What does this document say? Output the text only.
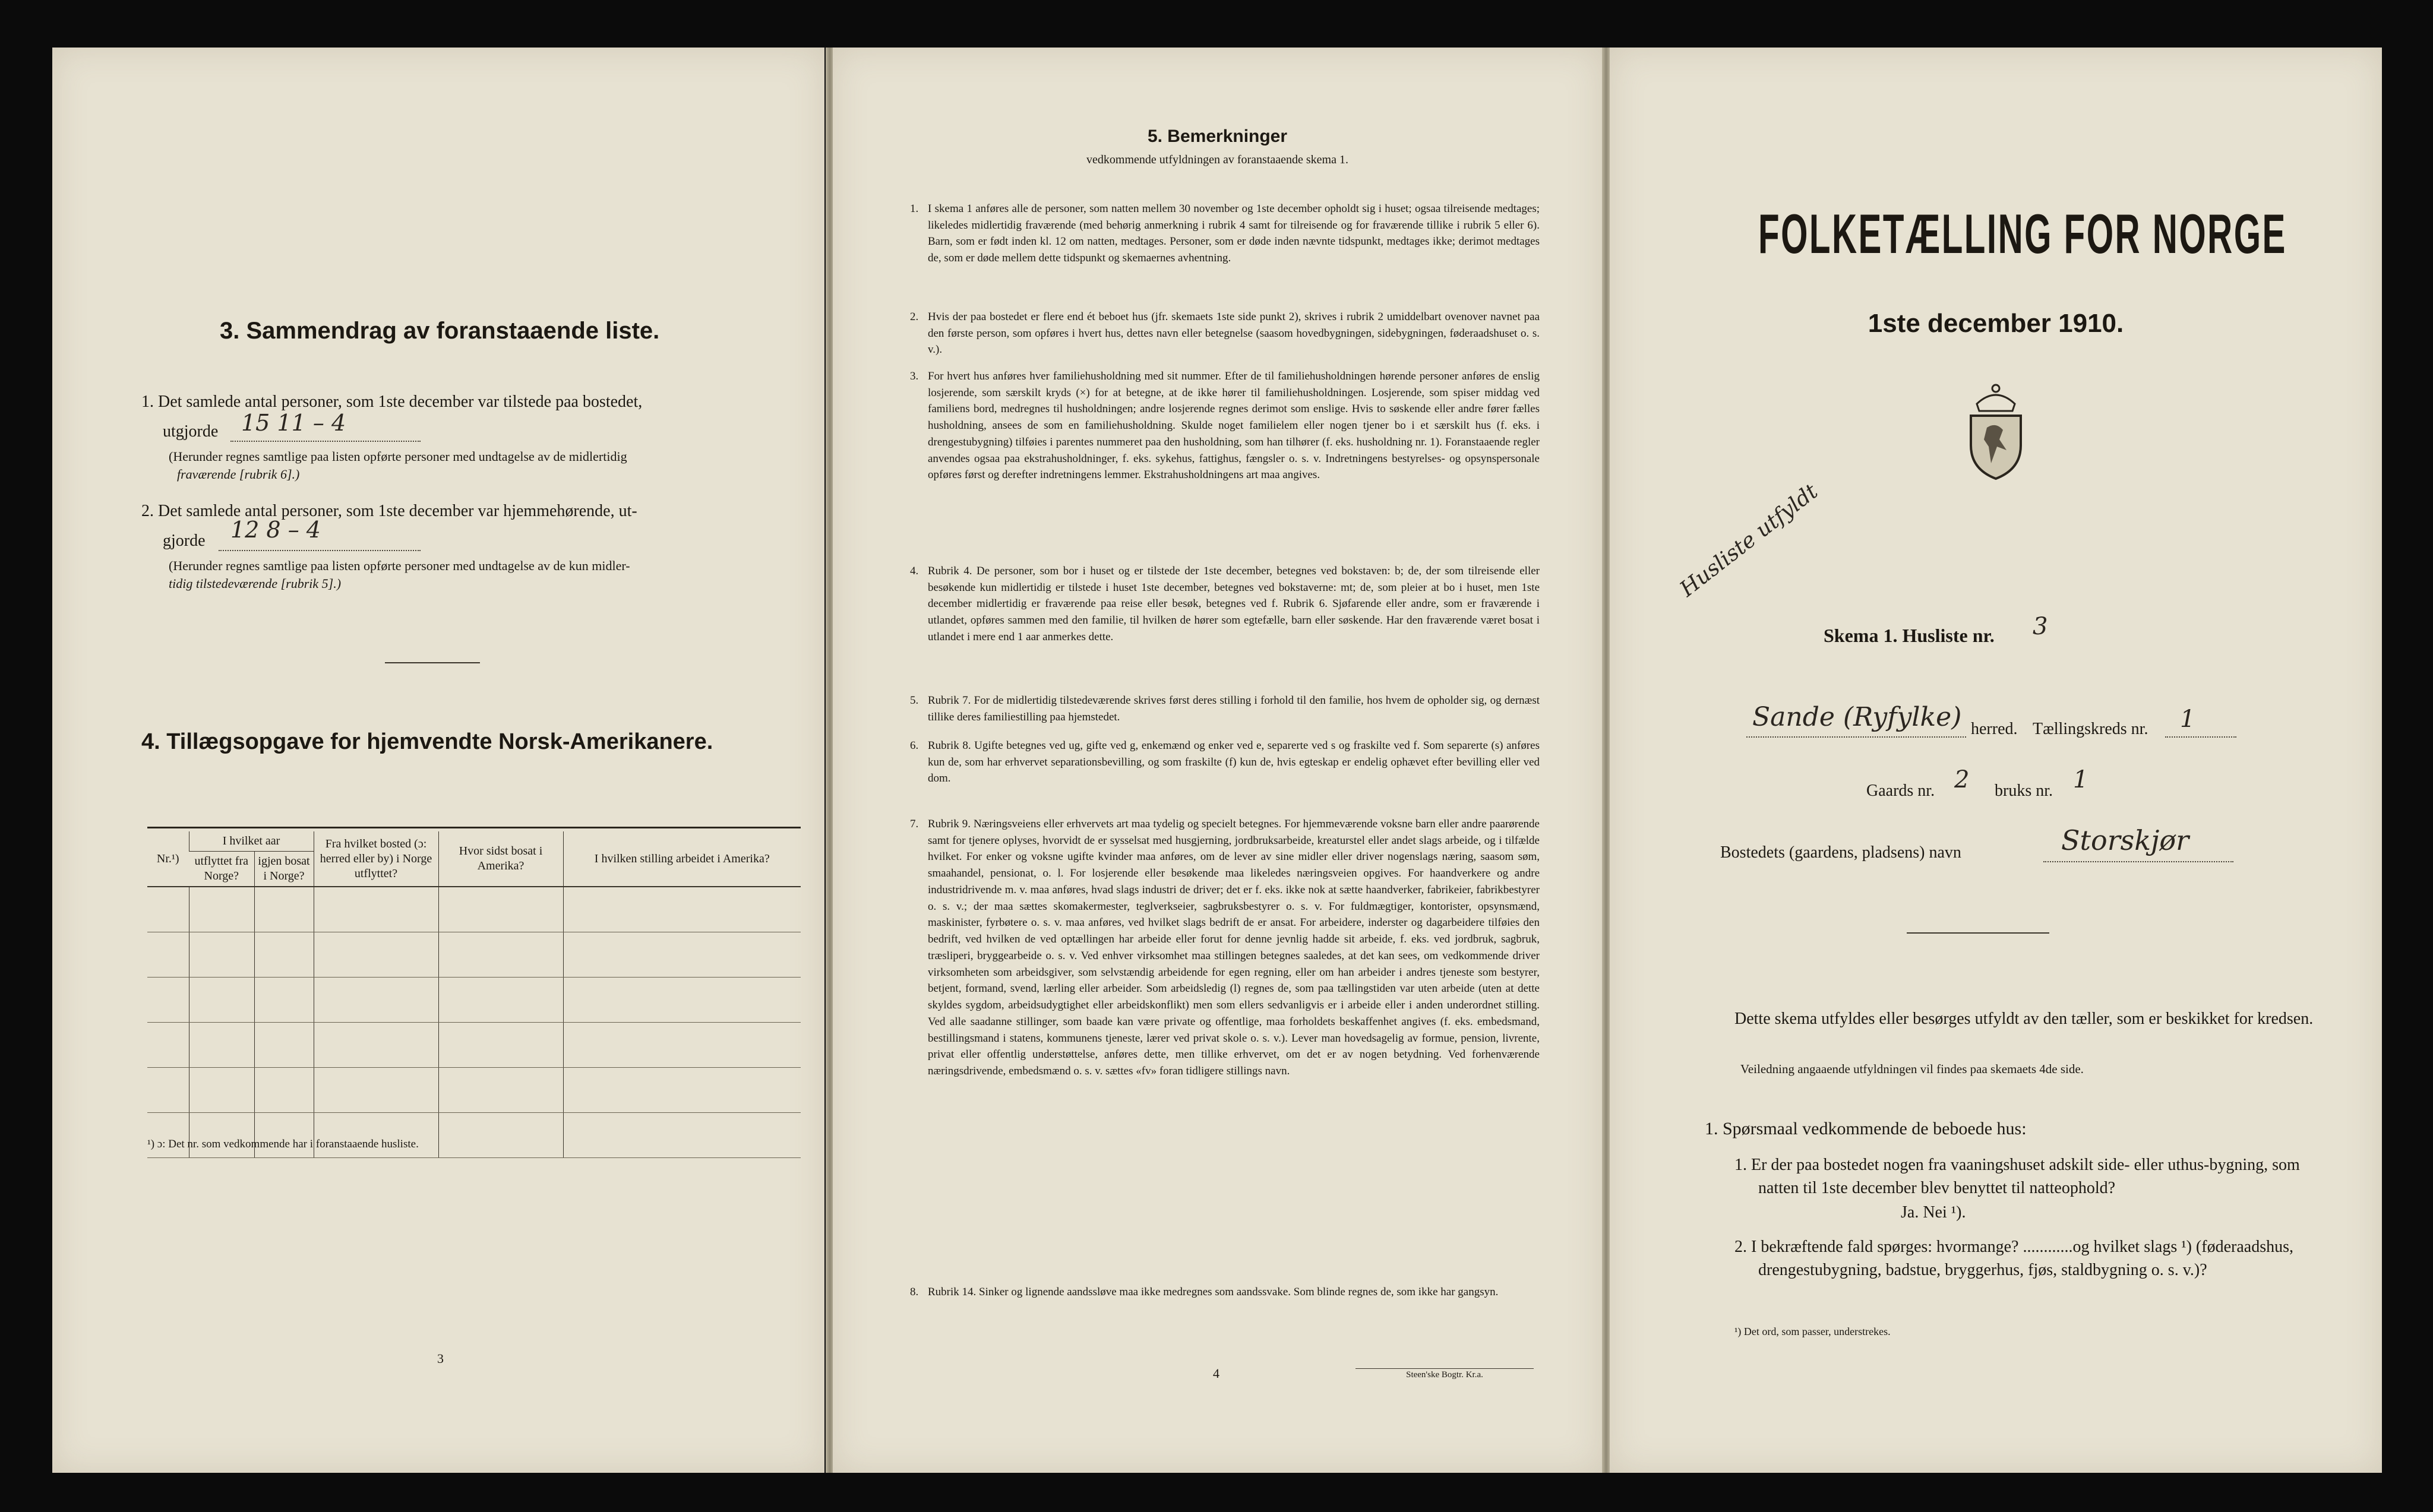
3. Sammendrag av foranstaaende liste.
1. Det samlede antal personer, som 1ste december var tilstede paa bostedet,
utgjorde 15 11 – 4
(Herunder regnes samtlige paa listen opførte personer med undtagelse av de midlertidig
fraværende [rubrik 6].)
2. Det samlede antal personer, som 1ste december var hjemmehørende, ut-
gjorde 12 8 – 4
(Herunder regnes samtlige paa listen opførte personer med undtagelse av de kun midler-
tidig tilstedeværende [rubrik 5].)
4. Tillægsopgave for hjemvendte Norsk-Amerikanere.
Nr.¹)	I hvilket aar		Fra hvilket bosted (ɔ: herred eller by) i Norge utflyttet?	Hvor sidst bosat i Amerika?	I hvilken stilling arbeidet i Amerika?
	utflyttet fra Norge?	igjen bosat i Norge?			

¹) ɔ: Det nr. som vedkommende har i foranstaaende husliste.
3
5. Bemerkninger
vedkommende utfyldningen av foranstaaende skema 1.
1. I skema 1 anføres alle de personer, som natten mellem 30 november og 1ste december opholdt sig i huset; ogsaa tilreisende medtages; likeledes midlertidig fraværende (med behørig anmerkning i rubrik 4 samt for tilreisende og for fraværende tillike i rubrik 5 eller 6). Barn, som er født inden kl. 12 om natten, medtages. Personer, som er døde inden nævnte tidspunkt, medtages ikke; derimot medtages de, som er døde mellem dette tidspunkt og skemaernes avhentning.
2. Hvis der paa bostedet er flere end ét beboet hus (jfr. skemaets 1ste side punkt 2), skrives i rubrik 2 umiddelbart ovenover navnet paa den første person, som opføres i hvert hus, dettes navn eller betegnelse (saasom hovedbygningen, sidebygningen, føderaadshuset o. s. v.).
3. For hvert hus anføres hver familiehusholdning med sit nummer. Efter de til familiehusholdningen hørende personer anføres de enslig losjerende, som særskilt kryds (×) for at betegne, at de ikke hører til familiehusholdningen. Losjerende, som spiser middag ved familiens bord, medregnes til husholdningen; andre losjerende regnes derimot som enslige. Hvis to søskende eller andre fører fælles husholdning, ansees de som en familiehusholdning. Skulde noget familielem eller nogen tjener bo i et særskilt hus (f. eks. i drengestubygning) tilføies i parentes nummeret paa den husholdning, som han tilhører (f. eks. husholdning nr. 1). Foranstaaende regler anvendes ogsaa paa ekstrahusholdninger, f. eks. sykehus, fattighus, fængsler o. s. v. Indretningens bestyrelses- og opsynspersonale opføres først og derefter indretningens lemmer. Ekstrahusholdningens art maa angives.
4. Rubrik 4. De personer, som bor i huset og er tilstede der 1ste december, betegnes ved bokstaven: b; de, der som tilreisende eller besøkende kun midlertidig er tilstede i huset 1ste december, betegnes ved bokstaverne: mt; de, som pleier at bo i huset, men 1ste december midlertidig er fraværende paa reise eller besøk, betegnes ved f. Rubrik 6. Sjøfarende eller andre, som er fraværende i utlandet, opføres sammen med den familie, til hvilken de hører som egtefælle, barn eller søskende. Har den fraværende været bosat i utlandet i mere end 1 aar anmerkes dette.
5. Rubrik 7. For de midlertidig tilstedeværende skrives først deres stilling i forhold til den familie, hos hvem de opholder sig, og dernæst tillike deres familiestilling paa hjemstedet.
6. Rubrik 8. Ugifte betegnes ved ug, gifte ved g, enkemænd og enker ved e, separerte ved s og fraskilte ved f. Som separerte (s) anføres kun de, som har erhvervet separationsbevilling, og som fraskilte (f) kun de, hvis egteskap er endelig ophævet efter bevilling eller ved dom.
7. Rubrik 9. Næringsveiens eller erhvervets art maa tydelig og specielt betegnes. For hjemmeværende voksne barn eller andre paarørende samt for tjenere oplyses, hvorvidt de er sysselsat med husgjerning, jordbruksarbeide, kreaturstel eller andet slags arbeide, og i tilfælde hvilket. For enker og voksne ugifte kvinder maa anføres, om de lever av sine midler eller driver nogenslags næring, saasom søm, smaahandel, pensionat, o. l. For losjerende eller besøkende maa likeledes næringsveien opgives. For haandverkere og andre industridrivende m. v. maa anføres, hvad slags industri de driver; det er f. eks. ikke nok at sætte haandverker, fabrikeier, fabrikbestyrer o. s. v.; der maa sættes skomakermester, teglverkseier, sagbruksbestyrer o. s. v. For fuldmægtiger, kontorister, opsynsmænd, maskinister, fyrbøtere o. s. v. maa anføres, ved hvilket slags bedrift de er ansat. For arbeidere, inderster og dagarbeidere tilføies den bedrift, ved hvilken de ved optællingen har arbeide eller forut for denne jevnlig hadde sit arbeide, f. eks. ved jordbruk, sagbruk, træsliperi, bryggearbeide o. s. v. Ved enhver virksomhet maa stillingen betegnes saaledes, at det kan sees, om vedkommende driver virksomheten som arbeidsgiver, som selvstændig arbeidende for egen regning, eller om han arbeider i andres tjeneste som bestyrer, betjent, formand, svend, lærling eller arbeider. Som arbeidsledig (l) regnes de, som paa tællingstiden var uten arbeide (uten at dette skyldes sygdom, arbeidsudygtighet eller arbeidskonflikt) men som ellers sedvanligvis er i arbeide eller i anden underordnet stilling. Ved alle saadanne stillinger, som baade kan være private og offentlige, maa forholdets beskaffenhet angives (f. eks. embedsmand, bestillingsmand i statens, kommunens tjeneste, lærer ved privat skole o. s. v.). Lever man hovedsagelig av formue, pension, livrente, privat eller offentlig understøttelse, anføres dette, men tillike erhvervet, om det er av nogen betydning. Ved forhenværende næringsdrivende, embedsmænd o. s. v. sættes «fv» foran tidligere stillings navn.
8. Rubrik 14. Sinker og lignende aandssløve maa ikke medregnes som aandssvake. Som blinde regnes de, som ikke har gangsyn.
4	Steen'ske Bogtr. Kr.a.
FOLKETÆLLING FOR NORGE
1ste december 1910.
Husliste utfyldt
Skema 1. Husliste nr. 3
Sande (Ryfylke) herred. Tællingskreds nr. 1
Gaards nr. 2 bruks nr. 1
Bostedets (gaardens, pladsens) navn	Storskjør
Dette skema utfyldes eller besørges utfyldt av den tæller, som er beskikket for kredsen.
Veiledning angaaende utfyldningen vil findes paa skemaets 4de side.
1. Spørsmaal vedkommende de beboede hus:
1. Er der paa bostedet nogen fra vaaningshuset adskilt side- eller uthus-bygning, som natten til 1ste december blev benyttet til natteophold?
Ja. Nei ¹).
2. I bekræftende fald spørges: hvormange? ............og hvilket slags ¹) (føderaadshus, drengestubygning, badstue, bryggerhus, fjøs, staldbygning o. s. v.)?
¹) Det ord, som passer, understrekes.
